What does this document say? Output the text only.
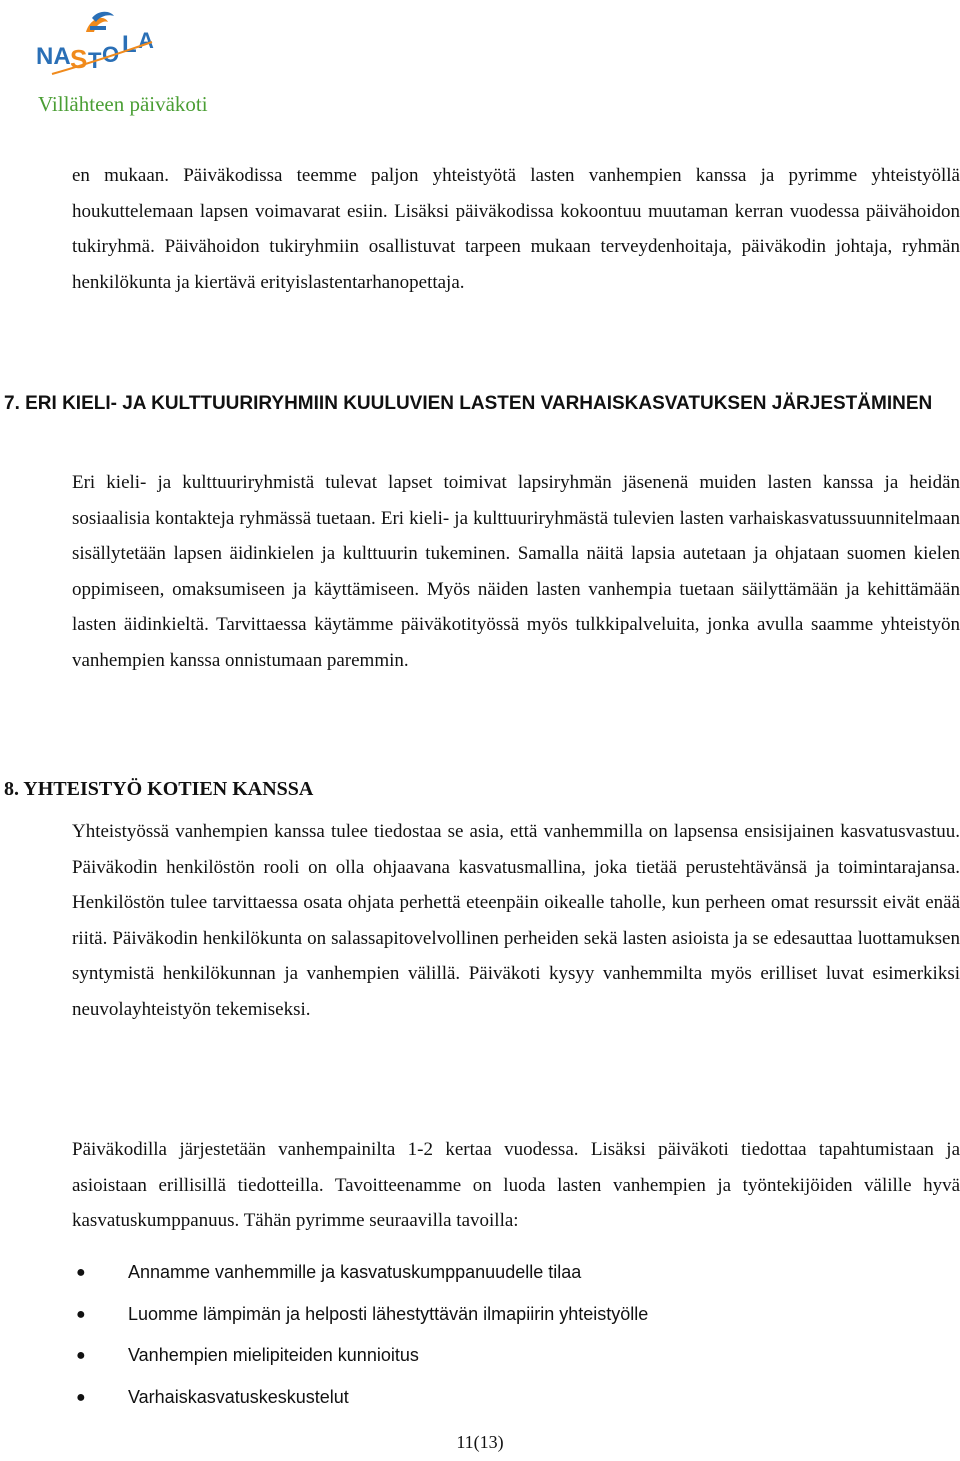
NA S T O L A
Villähteen päiväkoti

en mukaan. Päiväkodissa teemme paljon yhteistyötä lasten vanhempien kanssa ja pyrimme yhteistyöllä houkuttelemaan lapsen voimavarat esiin. Lisäksi päiväkodissa kokoontuu muutaman kerran vuodessa päivähoidon tukiryhmä. Päivähoidon tukiryhmiin osallistuvat tarpeen mukaan terveydenhoitaja, päiväkodin johtaja, ryhmän henkilökunta ja kiertävä erityislastentarhanopettaja.

7. ERI KIELI- JA KULTTUURIRYHMIIN KUULUVIEN LASTEN VARHAISKASVATUKSEN JÄRJESTÄMINEN

Eri kieli- ja kulttuuriryhmistä tulevat lapset toimivat lapsiryhmän jäsenenä muiden lasten kanssa ja heidän sosiaalisia kontakteja ryhmässä tuetaan. Eri kieli- ja kulttuuriryhmästä tulevien lasten varhaiskasvatussuunnitelmaan sisällytetään lapsen äidinkielen ja kulttuurin tukeminen. Samalla näitä lapsia autetaan ja ohjataan suomen kielen oppimiseen, omaksumiseen ja käyttämiseen. Myös näiden lasten vanhempia tuetaan säilyttämään ja kehittämään lasten äidinkieltä. Tarvittaessa käytämme päiväkotityössä myös tulkkipalveluita, jonka avulla saamme yhteistyön vanhempien kanssa onnistumaan paremmin.

8. YHTEISTYÖ KOTIEN KANSSA

Yhteistyössä vanhempien kanssa tulee tiedostaa se asia, että vanhemmilla on lapsensa ensisijainen kasvatusvastuu. Päiväkodin henkilöstön rooli on olla ohjaavana kasvatusmallina, joka tietää perustehtävänsä ja toimintarajansa. Henkilöstön tulee tarvittaessa osata ohjata perhettä eteenpäin oikealle taholle, kun perheen omat resurssit eivät enää riitä. Päiväkodin henkilökunta on salassapitovelvollinen perheiden sekä lasten asioista ja se edesauttaa luottamuksen syntymistä henkilökunnan ja vanhempien välillä. Päiväkoti kysyy vanhemmilta myös erilliset luvat esimerkiksi neuvolayhteistyön tekemiseksi.

Päiväkodilla järjestetään vanhempainilta 1-2 kertaa vuodessa. Lisäksi päiväkoti tiedottaa tapahtumistaan ja asioistaan erillisillä tiedotteilla. Tavoitteenamme on luoda lasten vanhempien ja työntekijöiden välille hyvä kasvatuskumppanuus. Tähän pyrimme seuraavilla tavoilla:

● Annamme vanhemmille ja kasvatuskumppanuudelle tilaa
● Luomme lämpimän ja helposti lähestyttävän ilmapiirin yhteistyölle
● Vanhempien mielipiteiden kunnioitus
● Varhaiskasvatuskeskustelut
11(13)
